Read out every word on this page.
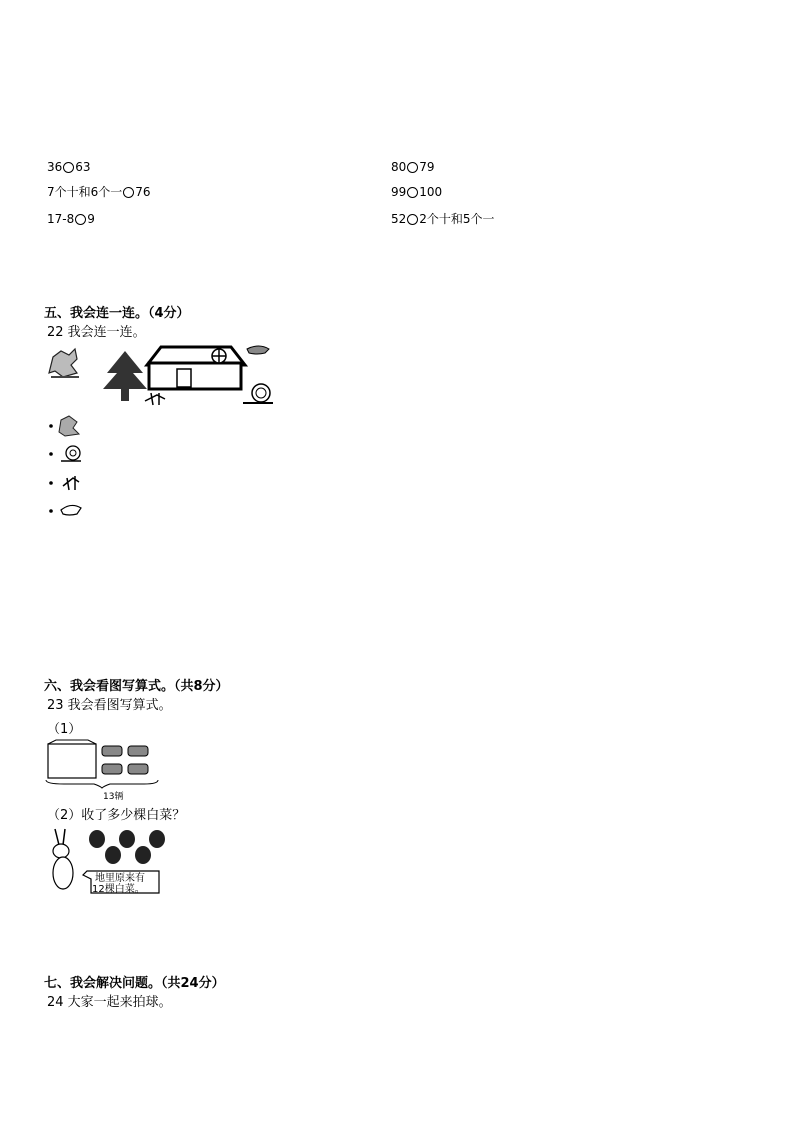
36 63
7个十和6个一 76
17-8 9
80 79
99 100
52 2个十和5个一
五、我会连一连。（4分）
22 我会连一连。
六、我会看图写算式。（共8分）
23 我会看图写算式。
（1）
13辆
（2）收了多少棵白菜？
地里原来有
12棵白菜。
七、我会解决问题。（共24分）
24 大家一起来拍球。
